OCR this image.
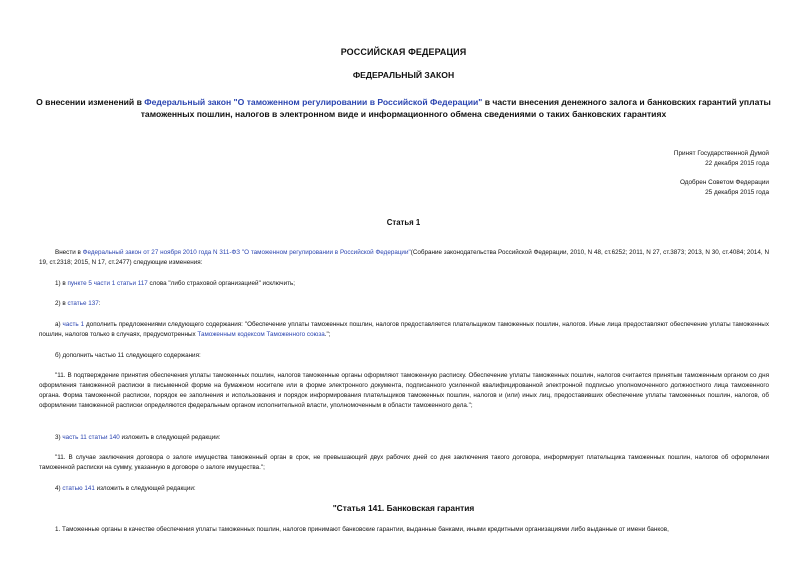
РОССИЙСКАЯ ФЕДЕРАЦИЯ
ФЕДЕРАЛЬНЫЙ ЗАКОН
О внесении изменений в Федеральный закон "О таможенном регулировании в Российской Федерации" в части внесения денежного залога и банковских гарантий уплаты таможенных пошлин, налогов в электронном виде и информационного обмена сведениями о таких банковских гарантиях
Принят Государственной Думой
22 декабря 2015 года
Одобрен Советом Федерации
25 декабря 2015 года
Статья 1
Внести в Федеральный закон от 27 ноября 2010 года N 311-ФЗ "О таможенном регулировании в Российской Федерации"(Собрание законодательства Российской Федерации, 2010, N 48, ст.6252; 2011, N 27, ст.3873; 2013, N 30, ст.4084; 2014, N 19, ст.2318; 2015, N 17, ст.2477) следующие изменения:
1) в пункте 5 части 1 статьи 117 слова "либо страховой организацией" исключить;
2) в статье 137:
а) часть 1 дополнить предложениями следующего содержания: "Обеспечение уплаты таможенных пошлин, налогов предоставляется плательщиком таможенных пошлин, налогов. Иные лица предоставляют обеспечение уплаты таможенных пошлин, налогов только в случаях, предусмотренных Таможенным кодексом Таможенного союза.";
б) дополнить частью 11 следующего содержания:
"11. В подтверждение принятия обеспечения уплаты таможенных пошлин, налогов таможенные органы оформляют таможенную расписку. Обеспечение уплаты таможенных пошлин, налогов считается принятым таможенным органом со дня оформления таможенной расписки в письменной форме на бумажном носителе или в форме электронного документа, подписанного усиленной квалифицированной электронной подписью уполномоченного должностного лица таможенного органа. Форма таможенной расписки, порядок ее заполнения и использования и порядок информирования плательщиков таможенных пошлин, налогов и (или) иных лиц, предоставивших обеспечение уплаты таможенных пошлин, налогов, об оформлении таможенной расписки определяются федеральным органом исполнительной власти, уполномоченным в области таможенного дела.";
3) часть 11 статьи 140 изложить в следующей редакции:
"11. В случае заключения договора о залоге имущества таможенный орган в срок, не превышающий двух рабочих дней со дня заключения такого договора, информирует плательщика таможенных пошлин, налогов об оформлении таможенной расписки на сумму, указанную в договоре о залоге имущества.";
4) статью 141 изложить в следующей редакции:
"Статья 141. Банковская гарантия
1. Таможенные органы в качестве обеспечения уплаты таможенных пошлин, налогов принимают банковские гарантии, выданные банками, иными кредитными организациями либо выданные от имени банков,
